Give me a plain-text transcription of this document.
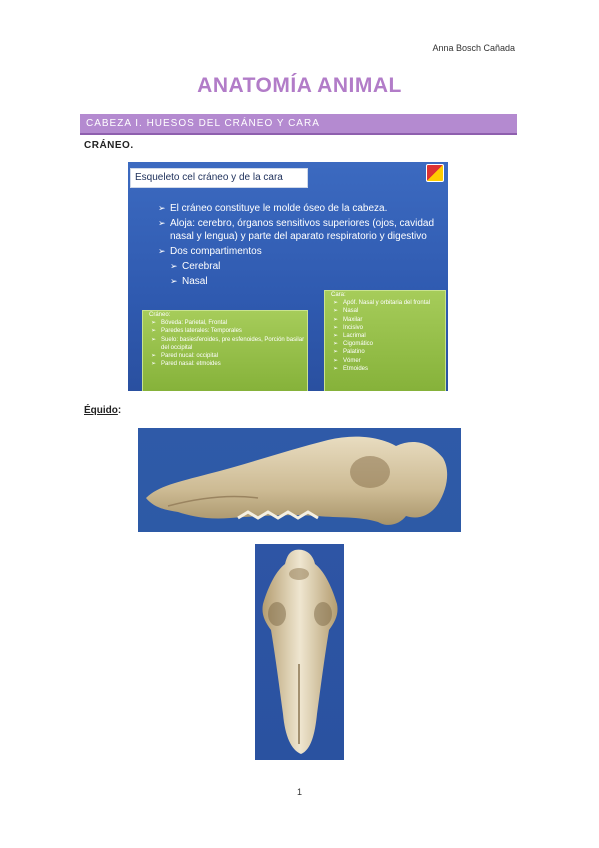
Anna Bosch Cañada
ANATOMÍA ANIMAL
CABEZA I. HUESOS DEL CRÁNEO Y CARA
CRÁNEO.
Esqueleto cel cráneo y de la cara
➢ El cráneo constituye le molde óseo de la cabeza.
➢ Aloja: cerebro, órganos sensitivos superiores (ojos, cavidad nasal y lengua) y parte del aparato respiratorio y digestivo
➢ Dos compartimentos
➢ Cerebral
➢ Nasal
Cráneo:
➢ Bóveda: Parietal, Frontal
➢ Paredes laterales: Temporales
➢ Suelo: basiesferoides, pre esfenoides, Porción basilar del occipital
➢ Pared nucal: occipital
➢ Pared nasal: etmoides
Cara:
➢ Apóf. Nasal y orbitaria del frontal
➢ Nasal
➢ Maxilar
➢ Incisivo
➢ Lacrimal
➢ Cigomático
➢ Palatino
➢ Vómer
➢ Etmoides
Équido:
1
